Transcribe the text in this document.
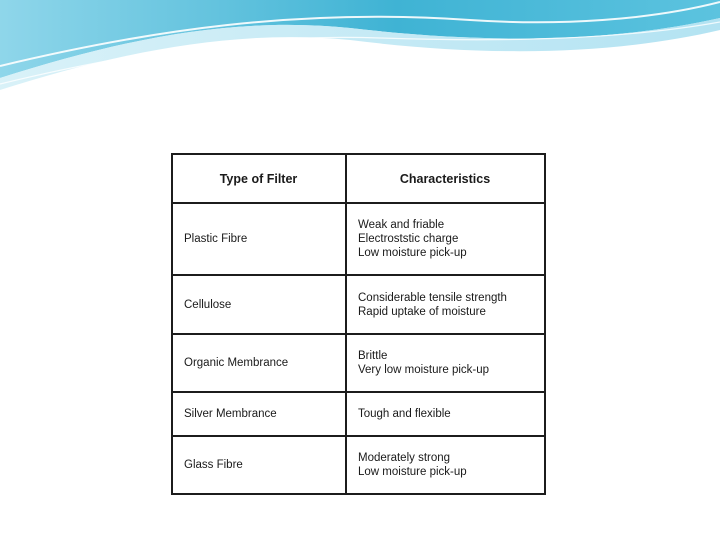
Type of Filter	Characteristics
Plastic Fibre	Weak and friable
Electroststic charge
Low moisture pick-up

Cellulose	Considerable tensile strength
Rapid uptake of moisture

Organic Membrance	Brittle
Very low moisture pick-up

Silver Membrance	Tough and flexible

Glass Fibre	Moderately strong
Low moisture pick-up
